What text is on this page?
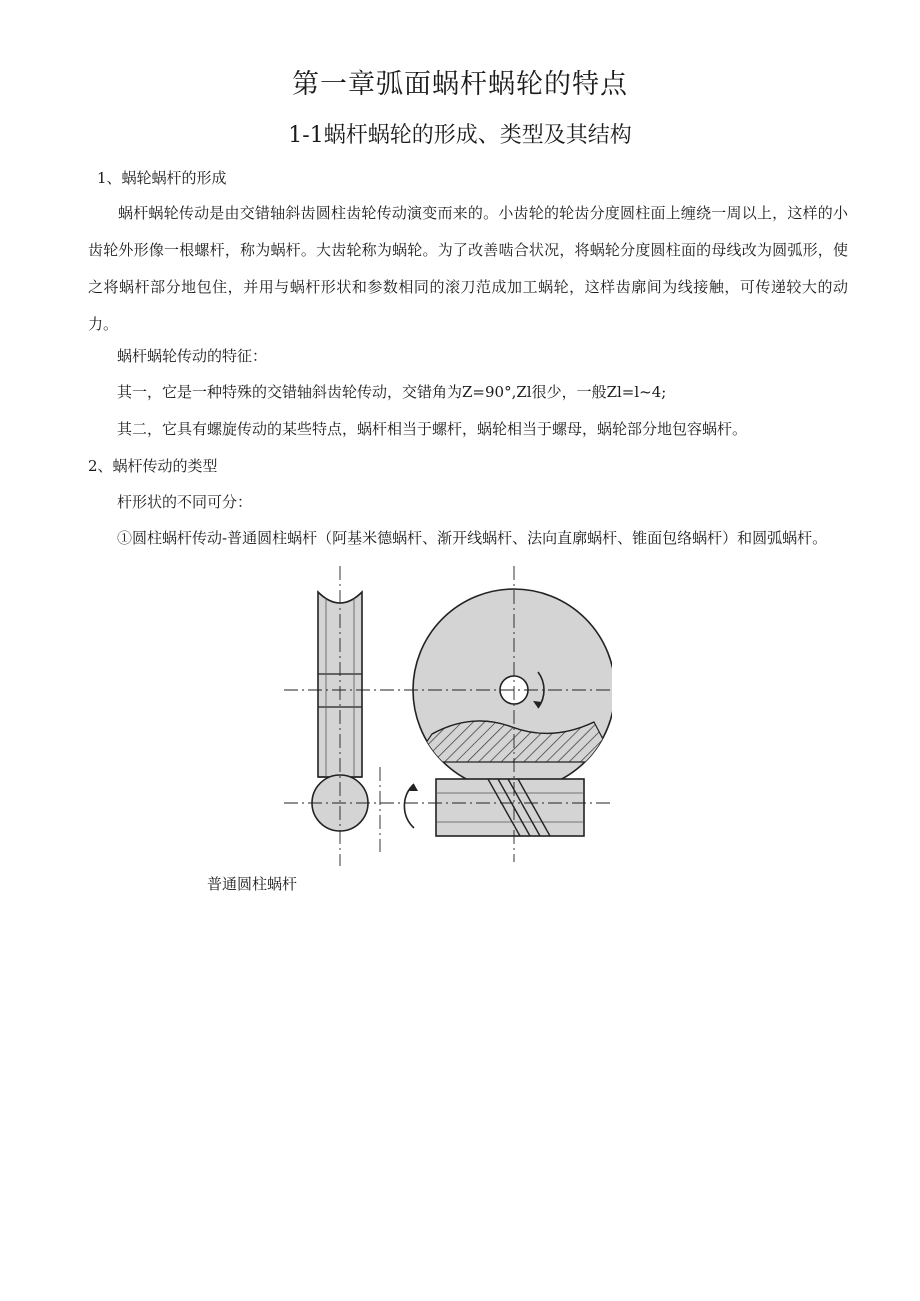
第一章弧面蜗杆蜗轮的特点
1-1蜗杆蜗轮的形成、类型及其结构

1、蜗轮蜗杆的形成

蜗杆蜗轮传动是由交错轴斜齿圆柱齿轮传动演变而来的。小齿轮的轮齿分度圆柱面上缠绕一周以上，这样的小齿轮外形像一根螺杆，称为蜗杆。大齿轮称为蜗轮。为了改善啮合状况，将蜗轮分度圆柱面的母线改为圆弧形，使之将蜗杆部分地包住，并用与蜗杆形状和参数相同的滚刀范成加工蜗轮，这样齿廓间为线接触，可传递较大的动力。

蜗杆蜗轮传动的特征：

其一，它是一种特殊的交错轴斜齿轮传动，交错角为Z=90°,Zl很少，一般Zl=l~4;

其二，它具有螺旋传动的某些特点，蜗杆相当于螺杆，蜗轮相当于螺母，蜗轮部分地包容蜗杆。

2、蜗杆传动的类型

杆形状的不同可分：

①圆柱蜗杆传动-普通圆柱蜗杆（阿基米德蜗杆、渐开线蜗杆、法向直廓蜗杆、锥面包络蜗杆）和圆弧蜗杆。

普通圆柱蜗杆
